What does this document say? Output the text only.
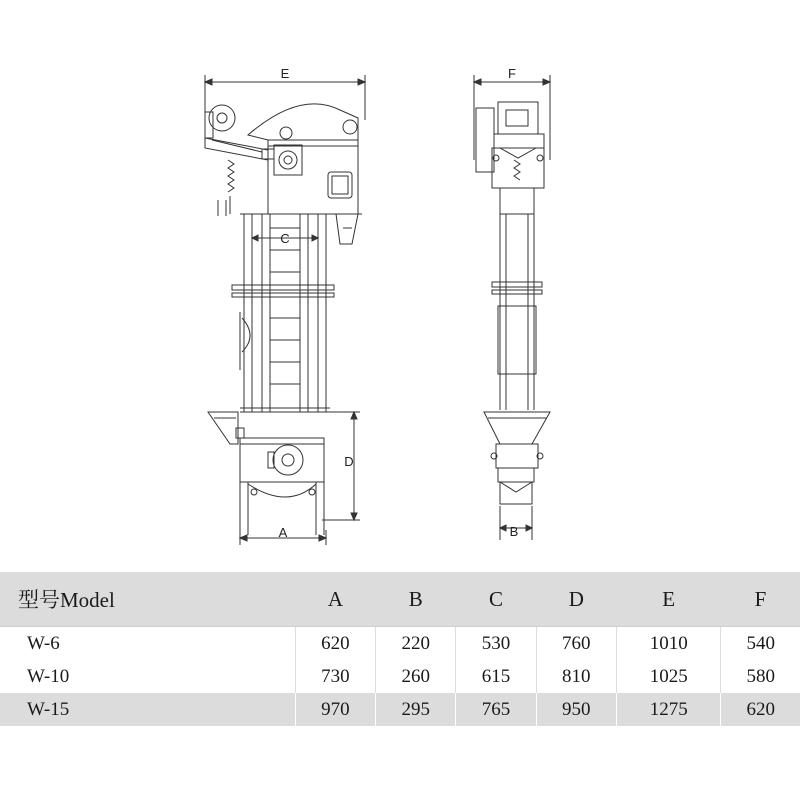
E	F
C
D
A	B
型号Model	A	B	C	D	E	F
W-6	620	220	530	760	1010	540
W-10	730	260	615	810	1025	580
W-15	970	295	765	950	1275	620
